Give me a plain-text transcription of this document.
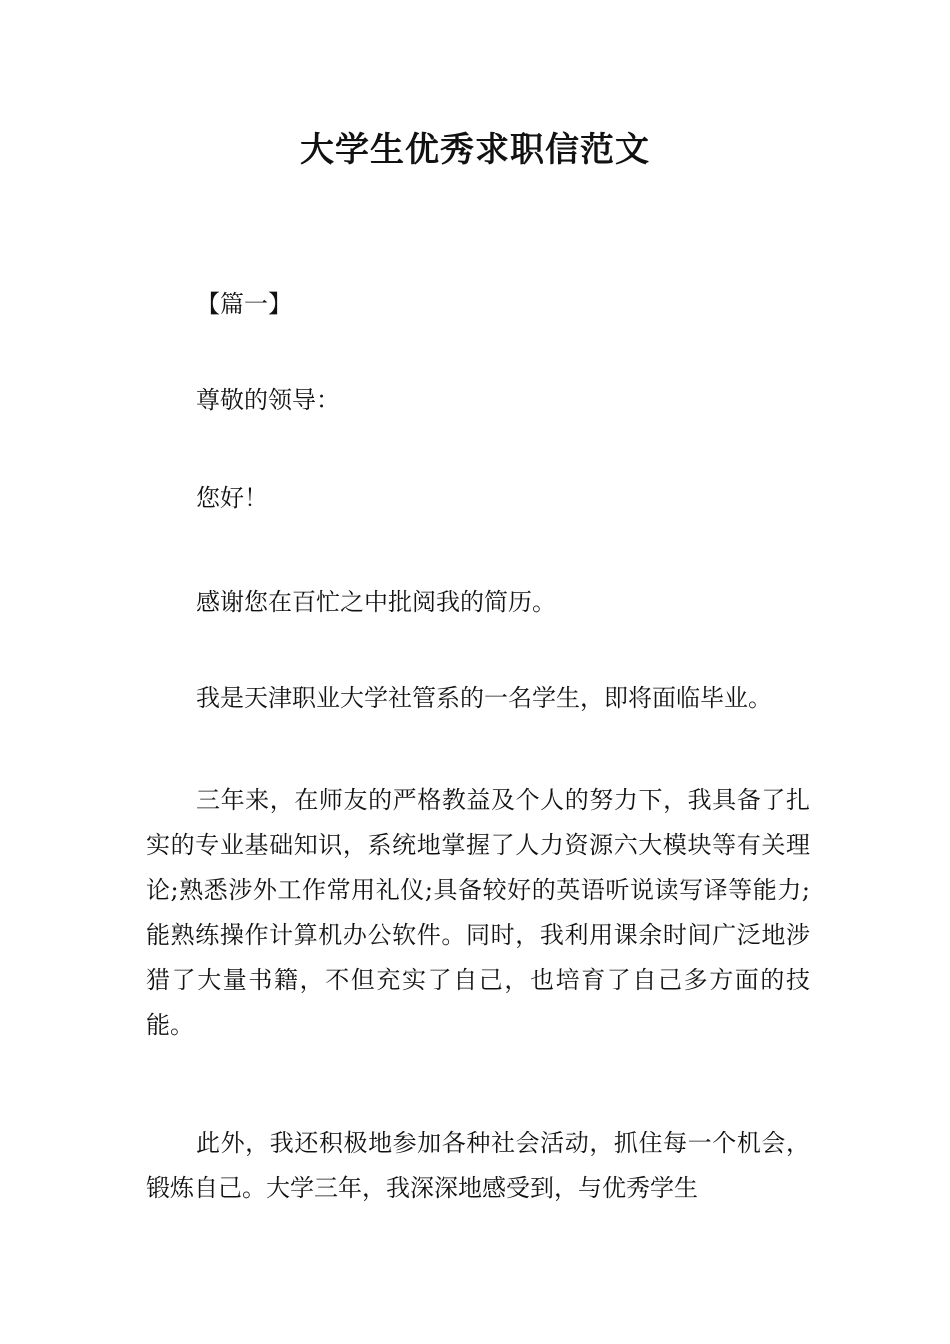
大学生优秀求职信范文

【篇一】

尊敬的领导：

您好！

感谢您在百忙之中批阅我的简历。

我是天津职业大学社管系的一名学生，即将面临毕业。

三年来，在师友的严格教益及个人的努力下，我具备了扎实的专业基础知识，系统地掌握了人力资源六大模块等有关理论;熟悉涉外工作常用礼仪;具备较好的英语听说读写译等能力;能熟练操作计算机办公软件。同时，我利用课余时间广泛地涉猎了大量书籍，不但充实了自己，也培育了自己多方面的技能。

此外，我还积极地参加各种社会活动，抓住每一个机会，锻炼自己。大学三年，我深深地感受到，与优秀学生
